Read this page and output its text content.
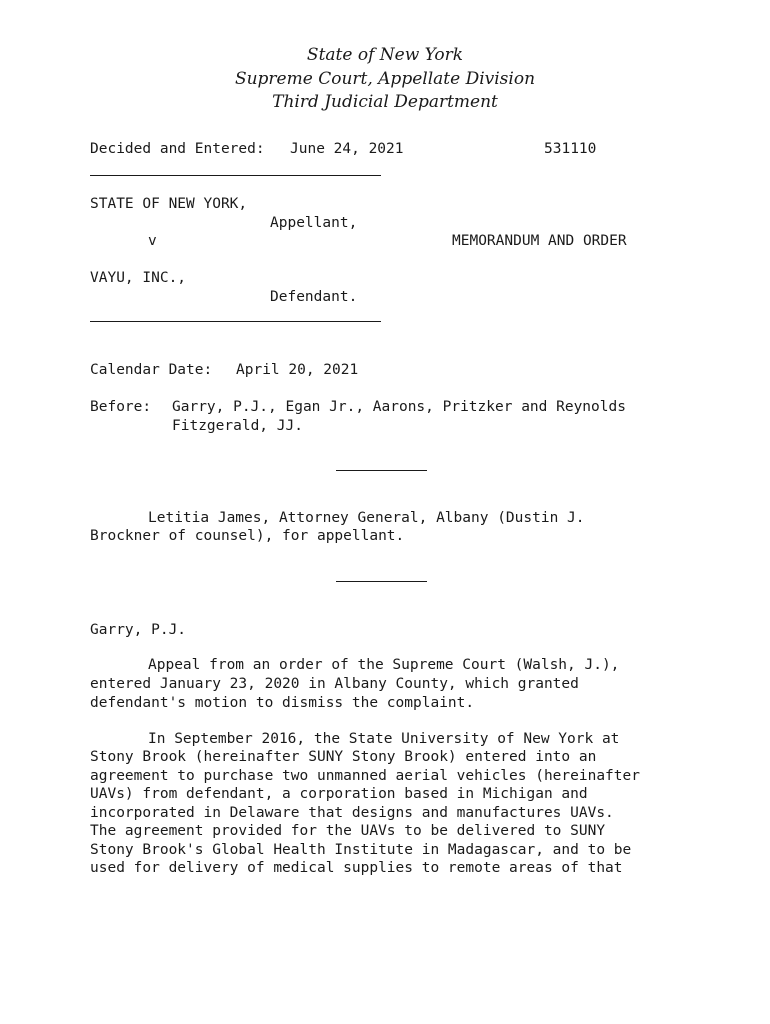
State of New York
Supreme Court, Appellate Division
Third Judicial Department
Decided and Entered: June 24, 2021	531110
STATE OF NEW YORK,
Appellant,
v	MEMORANDUM AND ORDER
VAYU, INC.,
Defendant.
Calendar Date: April 20, 2021
Before: Garry, P.J., Egan Jr., Aarons, Pritzker and Reynolds
Fitzgerald, JJ.
Letitia James, Attorney General, Albany (Dustin J.
Brockner of counsel), for appellant.
Garry, P.J.
Appeal from an order of the Supreme Court (Walsh, J.),
entered January 23, 2020 in Albany County, which granted
defendant's motion to dismiss the complaint.
In September 2016, the State University of New York at
Stony Brook (hereinafter SUNY Stony Brook) entered into an
agreement to purchase two unmanned aerial vehicles (hereinafter
UAVs) from defendant, a corporation based in Michigan and
incorporated in Delaware that designs and manufactures UAVs.
The agreement provided for the UAVs to be delivered to SUNY
Stony Brook's Global Health Institute in Madagascar, and to be
used for delivery of medical supplies to remote areas of that
